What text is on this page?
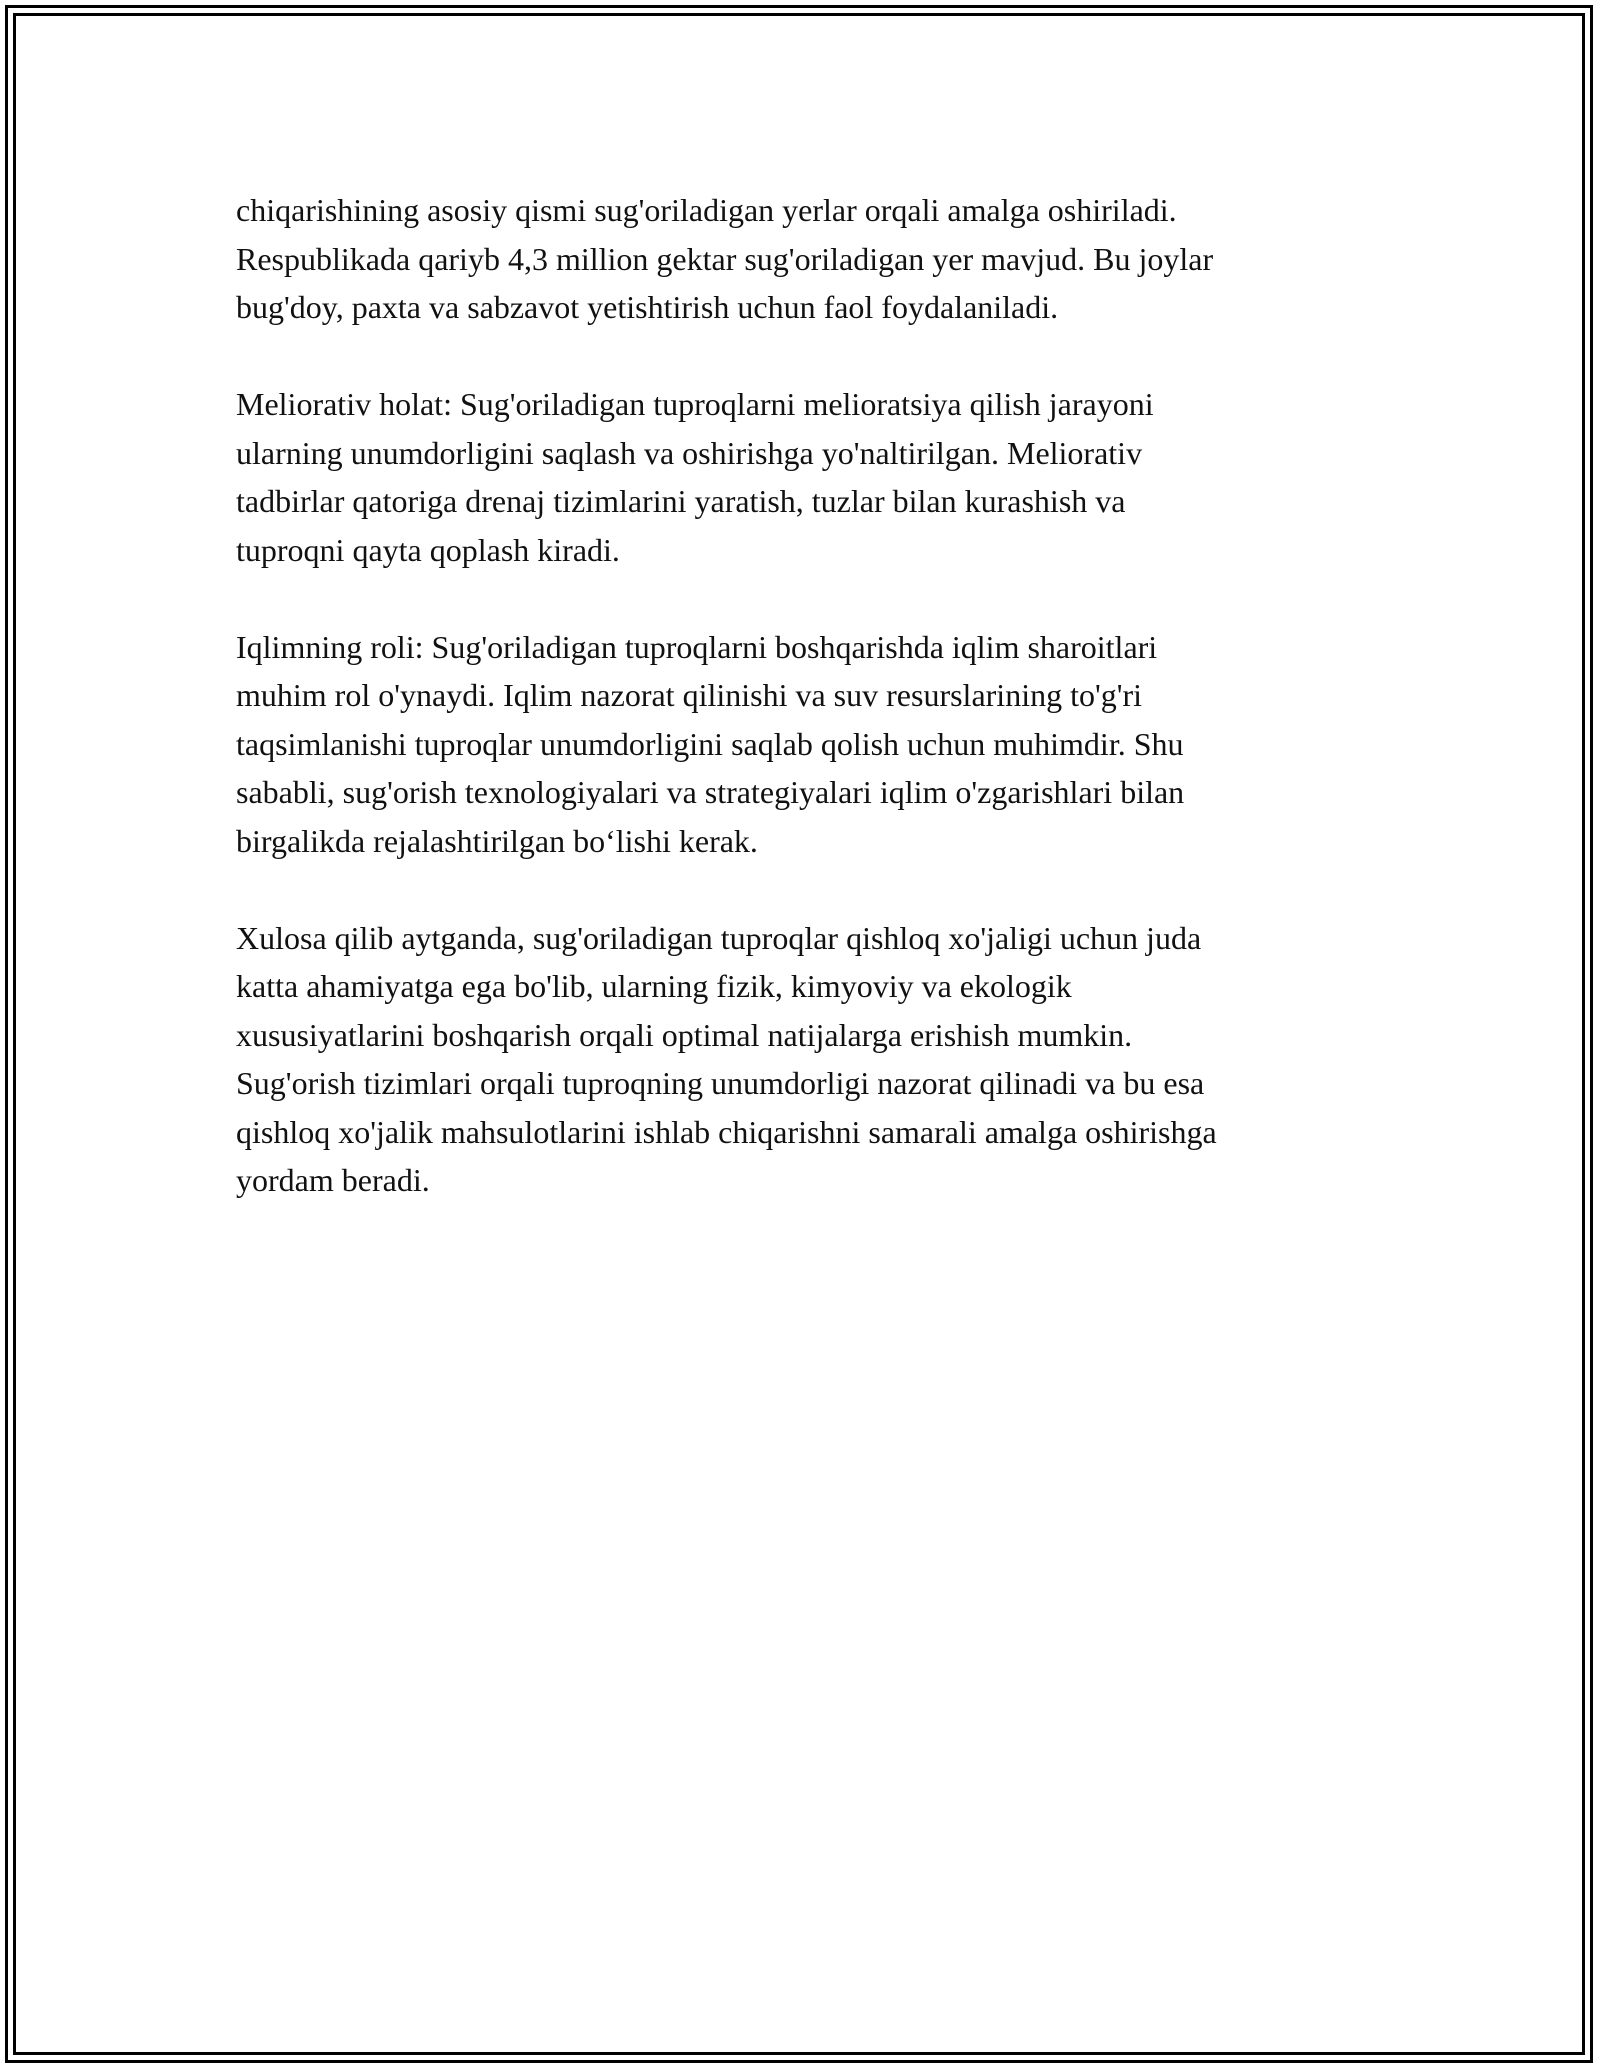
chiqarishining asosiy qismi sug'oriladigan yerlar orqali amalga oshiriladi.
Respublikada qariyb 4,3 million gektar sug'oriladigan yer mavjud. Bu joylar
bug'doy, paxta va sabzavot yetishtirish uchun faol foydalaniladi.

Meliorativ holat: Sug'oriladigan tuproqlarni melioratsiya qilish jarayoni
ularning unumdorligini saqlash va oshirishga yo'naltirilgan. Meliorativ
tadbirlar qatoriga drenaj tizimlarini yaratish, tuzlar bilan kurashish va
tuproqni qayta qoplash kiradi.

Iqlimning roli: Sug'oriladigan tuproqlarni boshqarishda iqlim sharoitlari
muhim rol o'ynaydi. Iqlim nazorat qilinishi va suv resurslarining to'g'ri
taqsimlanishi tuproqlar unumdorligini saqlab qolish uchun muhimdir. Shu
sababli, sug'orish texnologiyalari va strategiyalari iqlim o'zgarishlari bilan
birgalikda rejalashtirilgan bo‘lishi kerak.

Xulosa qilib aytganda, sug'oriladigan tuproqlar qishloq xo'jaligi uchun juda
katta ahamiyatga ega bo'lib, ularning fizik, kimyoviy va ekologik
xususiyatlarini boshqarish orqali optimal natijalarga erishish mumkin.
Sug'orish tizimlari orqali tuproqning unumdorligi nazorat qilinadi va bu esa
qishloq xo'jalik mahsulotlarini ishlab chiqarishni samarali amalga oshirishga
yordam beradi.
